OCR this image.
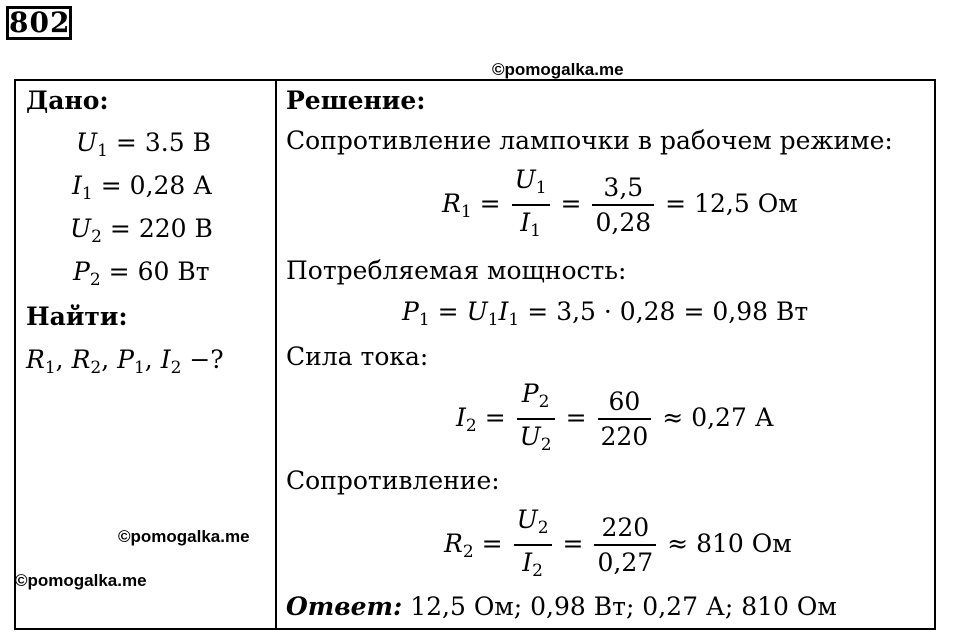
802
©pomogalka.me
©pomogalka.me
©pomogalka.me
Дано:
$U_1 = 3.5$ В
$I_1 = 0,28$ А
$U_2 = 220$ В
$P_2 = 60$ Вт
Найти:
$R_1$, $R_2$, $P_1$, $I_2$ −?
Решение:
Сопротивление лампочки в рабочем режиме:
$R_1 = \frac{U_1}{I_1} = \frac{3,5}{0,28} = 12,5$ Ом
Потребляемая мощность:
$P_1 = U_1I_1 = 3,5 \cdot 0,28 = 0,98$ Вт
Сила тока:
$I_2 = \frac{P_2}{U_2} = \frac{60}{220} \approx 0,27$ А
Сопротивление:
$R_2 = \frac{U_2}{I_2} = \frac{220}{0,27} \approx 810$ Ом
Ответ: 12,5 Ом; 0,98 Вт; 0,27 А; 810 Ом
